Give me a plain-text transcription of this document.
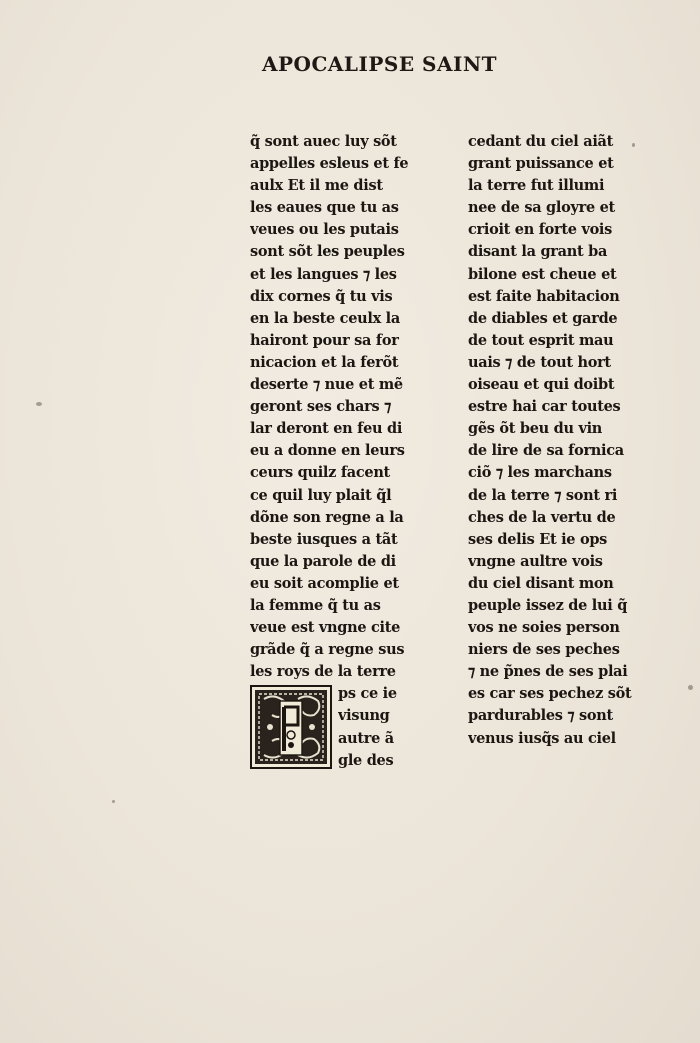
APOCALIPSE SAINT
q̃ sont auec luy sõt
appelles esleus et fe
aulx Et il me dist
les eaues que tu as
veues ou les putais
sont sõt les peuples
et les langues ⁊ les
dix cornes q̃ tu vis
en la beste ceulx la
hairont pour sa for
nicacion et la ferõt
deserte ⁊ nue et mẽ
geront ses chars ⁊
lar deront en feu di
eu a donne en leurs
ceurs quilz facent
ce quil luy plait q̃l
dõne son regne a la
beste iusques a tãt
que la parole de di
eu soit acomplie et
la femme q̃ tu as
veue est vngne cite
grãde q̃ a regne sus
les roys de la terre
ps ce ie
visung
autre ã
gle des
cedant du ciel aiãt
grant puissance et
la terre fut illumi
nee de sa gloyre et
crioit en forte vois
disant la grant ba
bilone est cheue et
est faite habitacion
de diables et garde
de tout esprit mau
uais ⁊ de tout hort
oiseau et qui doibt
estre hai car toutes
gẽs õt beu du vin
de lire de sa fornica
ciõ ⁊ les marchans
de la terre ⁊ sont ri
ches de la vertu de
ses delis Et ie ops
vngne aultre vois
du ciel disant mon
peuple issez de lui q̃
vos ne soies person
niers de ses peches
⁊ ne p̃nes de ses plai
es car ses pechez sõt
pardurables ⁊ sont
venus iusq̃s au ciel
